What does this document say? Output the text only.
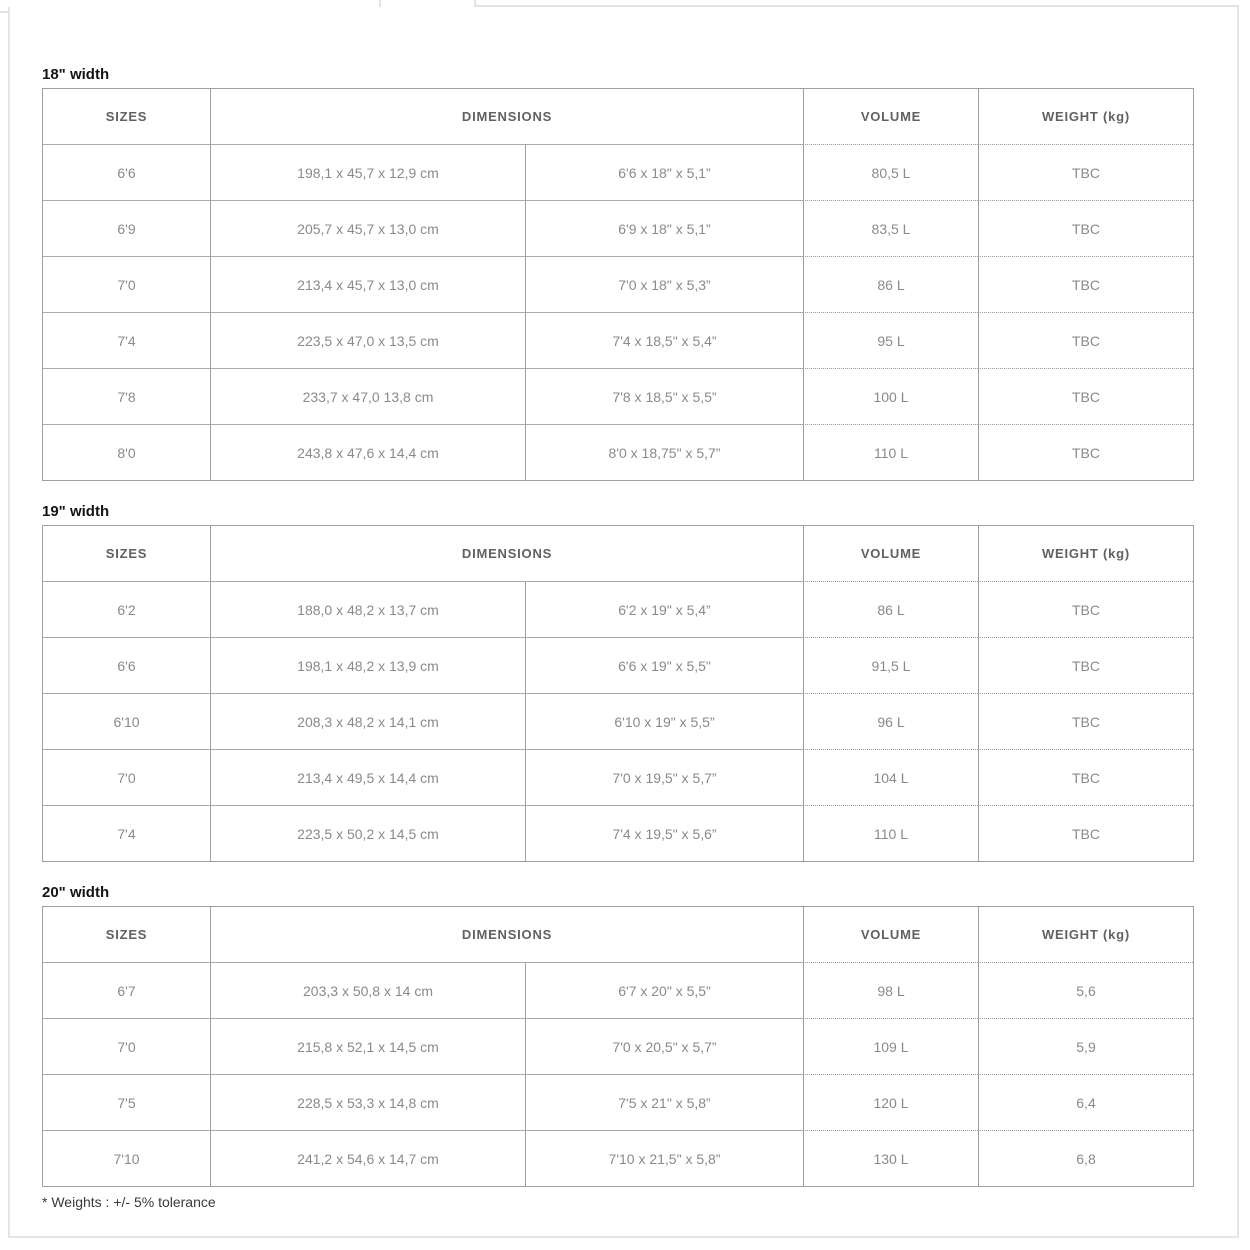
18" width
SIZES	DIMENSIONS		VOLUME	WEIGHT (kg)
6'6	198,1 x 45,7 x 12,9 cm	6'6 x 18" x 5,1”	80,5 L	TBC
6'9	205,7 x 45,7 x 13,0 cm	6'9 x 18" x 5,1”	83,5 L	TBC
7'0	213,4 x 45,7 x 13,0 cm	7'0 x 18" x 5,3”	86 L	TBC
7'4	223,5 x 47,0 x 13,5 cm	7'4 x 18,5" x 5,4”	95 L	TBC
7'8	233,7 x 47,0 13,8 cm	7'8 x 18,5" x 5,5”	100 L	TBC
8'0	243,8 x 47,6 x 14,4 cm	8'0 x 18,75" x 5,7”	110 L	TBC
19" width
SIZES	DIMENSIONS		VOLUME	WEIGHT (kg)
6'2	188,0 x 48,2 x 13,7 cm	6'2 x 19" x 5,4”	86 L	TBC
6'6	198,1 x 48,2 x 13,9 cm	6'6 x 19" x 5,5"	91,5 L	TBC
6'10	208,3 x 48,2 x 14,1 cm	6'10 x 19" x 5,5”	96 L	TBC
7'0	213,4 x 49,5 x 14,4 cm	7'0 x 19,5" x 5,7”	104 L	TBC
7'4	223,5 x 50,2 x 14,5 cm	7'4 x 19,5" x 5,6”	110 L	TBC
20" width
SIZES	DIMENSIONS		VOLUME	WEIGHT (kg)
6'7	203,3 x 50,8 x 14 cm	6'7 x 20" x 5,5”	98 L	5,6
7'0	215,8 x 52,1 x 14,5 cm	7'0 x 20,5" x 5,7”	109 L	5,9
7'5	228,5 x 53,3 x 14,8 cm	7'5 x 21" x 5,8”	120 L	6,4
7'10	241,2 x 54,6 x 14,7 cm	7'10 x 21,5" x 5,8”	130 L	6,8
* Weights : +/- 5% tolerance
